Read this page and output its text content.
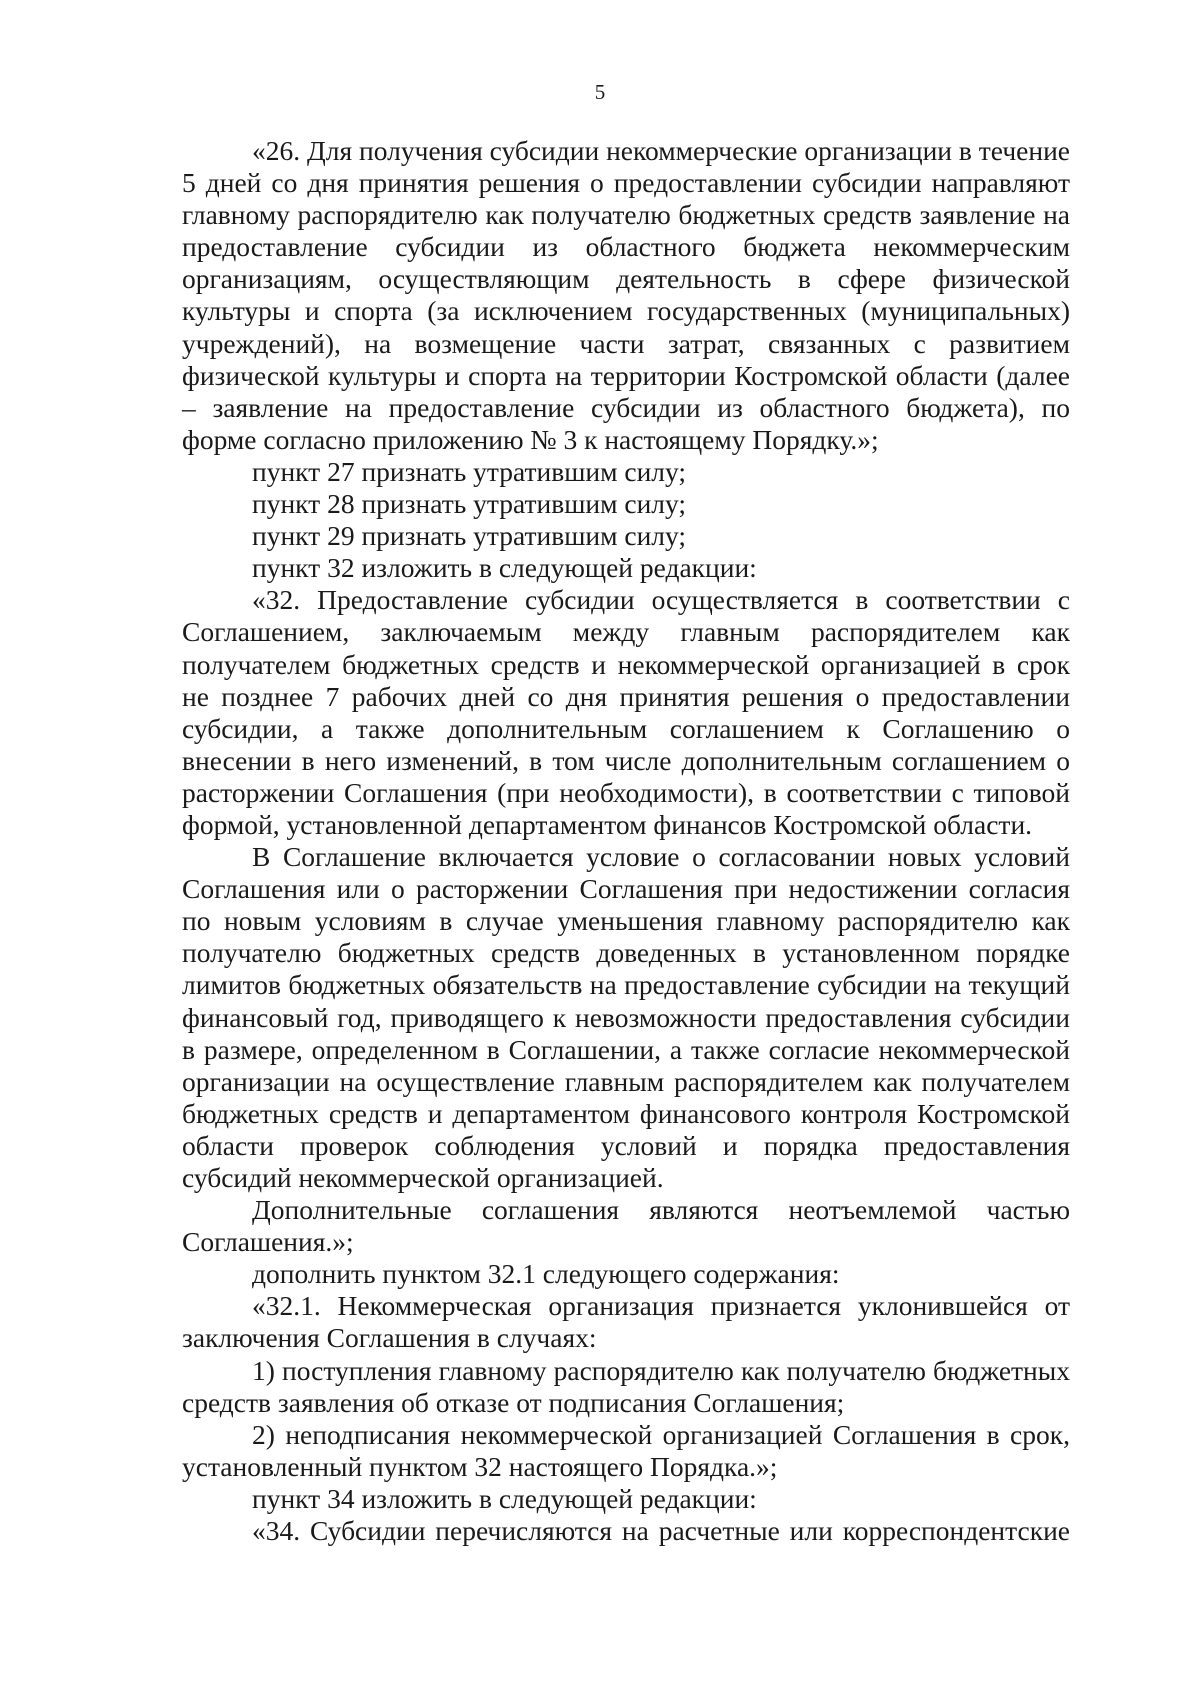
5

«26. Для получения субсидии некоммерческие организации в течение 5 дней со дня принятия решения о предоставлении субсидии направляют главному распорядителю как получателю бюджетных средств заявление на предоставление субсидии из областного бюджета некоммерческим организациям, осуществляющим деятельность в сфере физической культуры и спорта (за исключением государственных (муниципальных) учреждений), на возмещение части затрат, связанных с развитием физической культуры и спорта на территории Костромской области (далее – заявление на предоставление субсидии из областного бюджета), по форме согласно приложению № 3 к настоящему Порядку.»;

пункт 27 признать утратившим силу;

пункт 28 признать утратившим силу;

пункт 29 признать утратившим силу;

пункт 32 изложить в следующей редакции:

«32. Предоставление субсидии осуществляется в соответствии с Соглашением, заключаемым между главным распорядителем как получателем бюджетных средств и некоммерческой организацией в срок не позднее 7 рабочих дней со дня принятия решения о предоставлении субсидии, а также дополнительным соглашением к Соглашению о внесении в него изменений, в том числе дополнительным соглашением о расторжении Соглашения (при необходимости), в соответствии с типовой формой, установленной департаментом финансов Костромской области.

В Соглашение включается условие о согласовании новых условий Соглашения или о расторжении Соглашения при недостижении согласия по новым условиям в случае уменьшения главному распорядителю как получателю бюджетных средств доведенных в установленном порядке лимитов бюджетных обязательств на предоставление субсидии на текущий финансовый год, приводящего к невозможности предоставления субсидии в размере, определенном в Соглашении, а также согласие некоммерческой организации на осуществление главным распорядителем как получателем бюджетных средств и департаментом финансового контроля Костромской области проверок соблюдения условий и порядка предоставления субсидий некоммерческой организацией.

Дополнительные соглашения являются неотъемлемой частью Соглашения.»;

дополнить пунктом 32.1 следующего содержания:

«32.1. Некоммерческая организация признается уклонившейся от заключения Соглашения в случаях:

1) поступления главному распорядителю как получателю бюджетных средств заявления об отказе от подписания Соглашения;

2) неподписания некоммерческой организацией Соглашения в срок, установленный пунктом 32 настоящего Порядка.»;

пункт 34 изложить в следующей редакции:

«34. Субсидии перечисляются на расчетные или корреспондентские
